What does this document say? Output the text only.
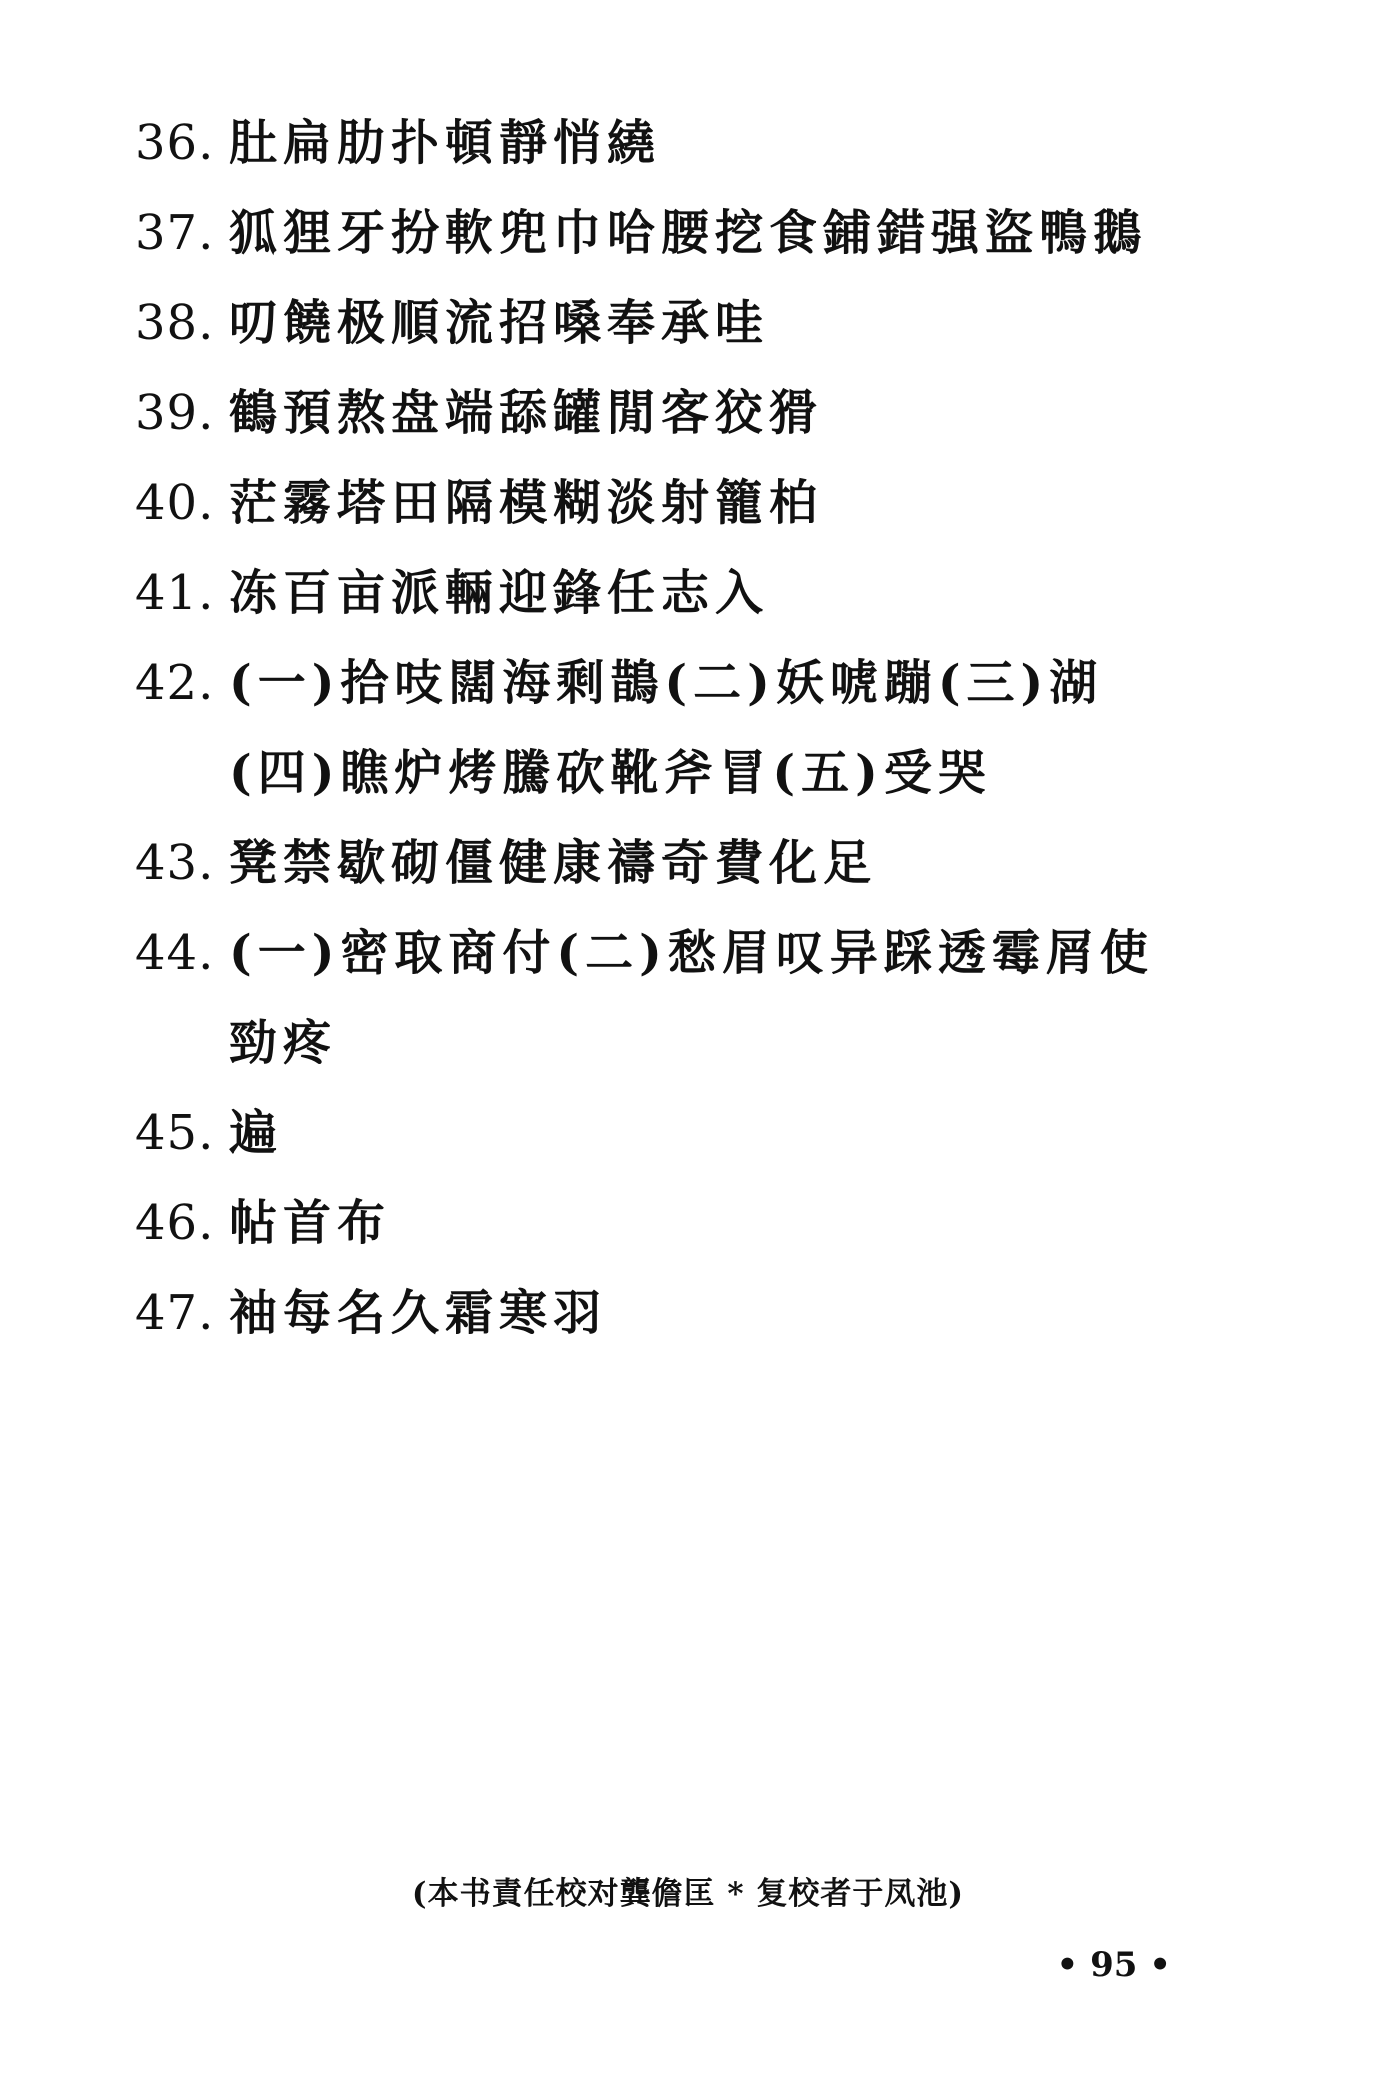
36. 肚扁肋扑頓靜悄繞
37. 狐狸牙扮軟兜巾哈腰挖食鋪錯强盜鴨鵝
38. 叨饒极順流招嗓奉承哇
39. 鶴預熬盘端舔罐閒客狡猾
40. 茫霧塔田隔模糊淡射籠柏
41. 冻百亩派輛迎鋒任志入
42. (一)拾吱闊海剩鵲(二)妖唬蹦(三)湖
(四)瞧炉烤騰砍靴斧冒(五)受哭
43. 凳禁歇砌僵健康禱奇費化足
44. (一)密取商付(二)愁眉叹异踩透霉屑使
勁疼
45. 遍
46. 帖首布
47. 袖每名久霜寒羽
(本书責任校对龔儋匡 * 复校者于凤池)
• 95 •
